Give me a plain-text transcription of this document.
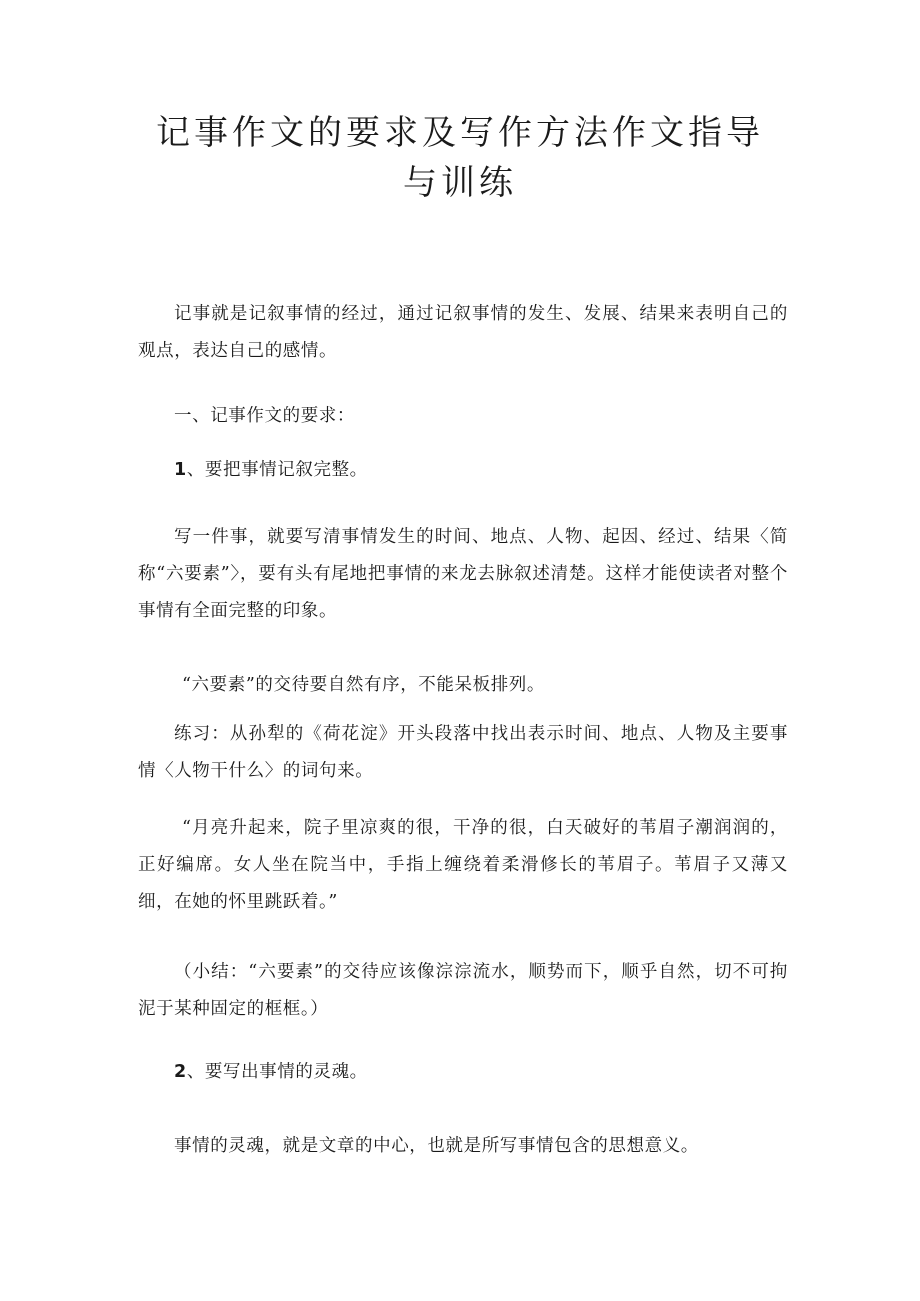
记事作文的要求及写作方法作文指导与训练

记事就是记叙事情的经过，通过记叙事情的发生、发展、结果来表明自己的观点，表达自己的感情。

一、记事作文的要求：

1、要把事情记叙完整。

写一件事，就要写清事情发生的时间、地点、人物、起因、经过、结果〈简称“六要素”〉，要有头有尾地把事情的来龙去脉叙述清楚。这样才能使读者对整个事情有全面完整的印象。

“六要素”的交待要自然有序，不能呆板排列。

练习：从孙犁的《荷花淀》开头段落中找出表示时间、地点、人物及主要事情〈人物干什么〉的词句来。

“月亮升起来，院子里凉爽的很，干净的很，白天破好的苇眉子潮润润的，正好编席。女人坐在院当中，手指上缠绕着柔滑修长的苇眉子。苇眉子又薄又细，在她的怀里跳跃着。”

（小结：“六要素”的交待应该像淙淙流水，顺势而下，顺乎自然，切不可拘泥于某种固定的框框。）

2、要写出事情的灵魂。

事情的灵魂，就是文章的中心，也就是所写事情包含的思想意义。
